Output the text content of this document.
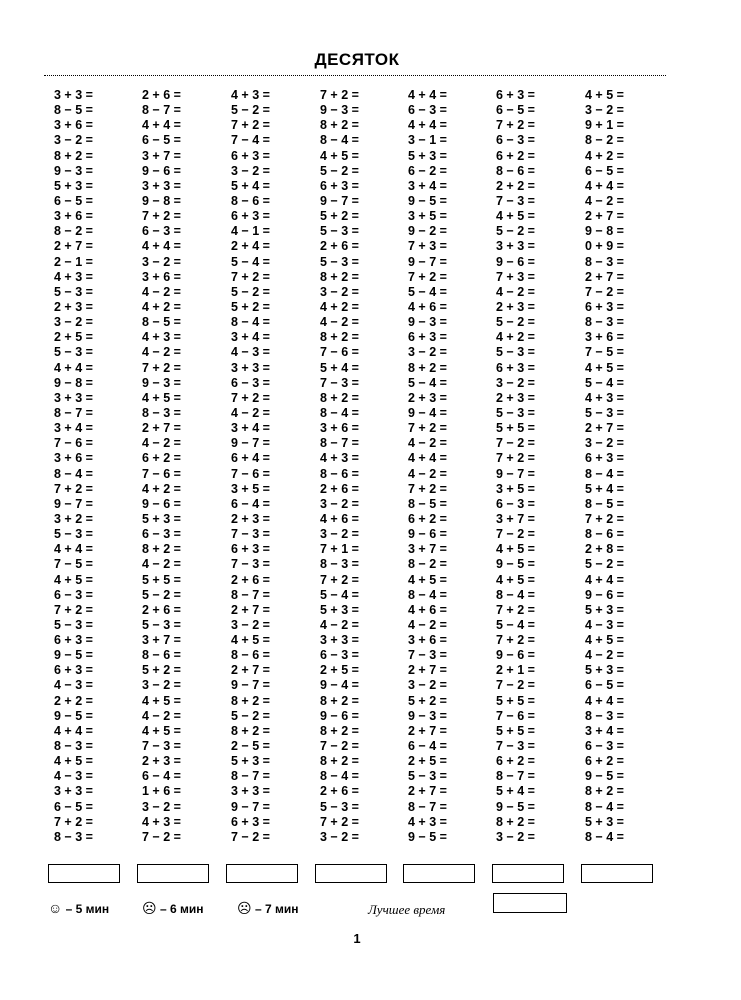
ДЕСЯТОК
3 + 3 =
8 − 5 =
3 + 6 =
3 − 2 =
8 + 2 =
9 − 3 =
5 + 3 =
6 − 5 =
3 + 6 =
8 − 2 =
2 + 7 =
2 − 1 =
4 + 3 =
5 − 3 =
2 + 3 =
3 − 2 =
2 + 5 =
5 − 3 =
4 + 4 =
9 − 8 =
3 + 3 =
8 − 7 =
3 + 4 =
7 − 6 =
3 + 6 =
8 − 4 =
7 + 2 =
9 − 7 =
3 + 2 =
5 − 3 =
4 + 4 =
7 − 5 =
4 + 5 =
6 − 3 =
7 + 2 =
5 − 3 =
6 + 3 =
9 − 5 =
6 + 3 =
4 − 3 =
2 + 2 =
9 − 5 =
4 + 4 =
8 − 3 =
4 + 5 =
4 − 3 =
3 + 3 =
6 − 5 =
7 + 2 =
8 − 3 =
2 + 6 =
8 − 7 =
4 + 4 =
6 − 5 =
3 + 7 =
9 − 6 =
3 + 3 =
9 − 8 =
7 + 2 =
6 − 3 =
4 + 4 =
3 − 2 =
3 + 6 =
4 − 2 =
4 + 2 =
8 − 5 =
4 + 3 =
4 − 2 =
7 + 2 =
9 − 3 =
4 + 5 =
8 − 3 =
2 + 7 =
4 − 2 =
6 + 2 =
7 − 6 =
4 + 2 =
9 − 6 =
5 + 3 =
6 − 3 =
8 + 2 =
4 − 2 =
5 + 5 =
5 − 2 =
2 + 6 =
5 − 3 =
3 + 7 =
8 − 6 =
5 + 2 =
3 − 2 =
4 + 5 =
4 − 2 =
4 + 5 =
7 − 3 =
2 + 3 =
6 − 4 =
1 + 6 =
3 − 2 =
4 + 3 =
7 − 2 =
4 + 3 =
5 − 2 =
7 + 2 =
7 − 4 =
6 + 3 =
3 − 2 =
5 + 4 =
8 − 6 =
6 + 3 =
4 − 1 =
2 + 4 =
5 − 4 =
7 + 2 =
5 − 2 =
5 + 2 =
8 − 4 =
3 + 4 =
4 − 3 =
3 + 3 =
6 − 3 =
7 + 2 =
4 − 2 =
3 + 4 =
9 − 7 =
6 + 4 =
7 − 6 =
3 + 5 =
6 − 4 =
2 + 3 =
7 − 3 =
6 + 3 =
7 − 3 =
2 + 6 =
8 − 7 =
2 + 7 =
3 − 2 =
4 + 5 =
8 − 6 =
2 + 7 =
9 − 7 =
8 + 2 =
5 − 2 =
8 + 2 =
2 − 5 =
5 + 3 =
8 − 7 =
3 + 3 =
9 − 7 =
6 + 3 =
7 − 2 =
7 + 2 =
9 − 3 =
8 + 2 =
8 − 4 =
4 + 5 =
5 − 2 =
6 + 3 =
9 − 7 =
5 + 2 =
5 − 3 =
2 + 6 =
5 − 3 =
8 + 2 =
3 − 2 =
4 + 2 =
4 − 2 =
8 + 2 =
7 − 6 =
5 + 4 =
7 − 3 =
8 + 2 =
8 − 4 =
3 + 6 =
8 − 7 =
4 + 3 =
8 − 6 =
2 + 6 =
3 − 2 =
4 + 6 =
3 − 2 =
7 + 1 =
8 − 3 =
7 + 2 =
5 − 4 =
5 + 3 =
4 − 2 =
3 + 3 =
6 − 3 =
2 + 5 =
9 − 4 =
8 + 2 =
9 − 6 =
8 + 2 =
7 − 2 =
8 + 2 =
8 − 4 =
2 + 6 =
5 − 3 =
7 + 2 =
3 − 2 =
4 + 4 =
6 − 3 =
4 + 4 =
3 − 1 =
5 + 3 =
6 − 2 =
3 + 4 =
9 − 5 =
3 + 5 =
9 − 2 =
7 + 3 =
9 − 7 =
7 + 2 =
5 − 4 =
4 + 6 =
9 − 3 =
6 + 3 =
3 − 2 =
8 + 2 =
5 − 4 =
2 + 3 =
9 − 4 =
7 + 2 =
4 − 2 =
4 + 4 =
4 − 2 =
7 + 2 =
8 − 5 =
6 + 2 =
9 − 6 =
3 + 7 =
8 − 2 =
4 + 5 =
8 − 4 =
4 + 6 =
4 − 2 =
3 + 6 =
7 − 3 =
2 + 7 =
3 − 2 =
5 + 2 =
9 − 3 =
2 + 7 =
6 − 4 =
2 + 5 =
5 − 3 =
2 + 7 =
8 − 7 =
4 + 3 =
9 − 5 =
6 + 3 =
6 − 5 =
7 + 2 =
6 − 3 =
6 + 2 =
8 − 6 =
2 + 2 =
7 − 3 =
4 + 5 =
5 − 2 =
3 + 3 =
9 − 6 =
7 + 3 =
4 − 2 =
2 + 3 =
5 − 2 =
4 + 2 =
5 − 3 =
6 + 3 =
3 − 2 =
2 + 3 =
5 − 3 =
5 + 5 =
7 − 2 =
7 + 2 =
9 − 7 =
3 + 5 =
6 − 3 =
3 + 7 =
7 − 2 =
4 + 5 =
9 − 5 =
4 + 5 =
8 − 4 =
7 + 2 =
5 − 4 =
7 + 2 =
9 − 6 =
2 + 1 =
7 − 2 =
5 + 5 =
7 − 6 =
5 + 5 =
7 − 3 =
6 + 2 =
8 − 7 =
5 + 4 =
9 − 5 =
8 + 2 =
3 − 2 =
4 + 5 =
3 − 2 =
9 + 1 =
8 − 2 =
4 + 2 =
6 − 5 =
4 + 4 =
4 − 2 =
2 + 7 =
9 − 8 =
0 + 9 =
8 − 3 =
2 + 7 =
7 − 2 =
6 + 3 =
8 − 3 =
3 + 6 =
7 − 5 =
4 + 5 =
5 − 4 =
4 + 3 =
5 − 3 =
2 + 7 =
3 − 2 =
6 + 3 =
8 − 4 =
5 + 4 =
8 − 5 =
7 + 2 =
8 − 6 =
2 + 8 =
5 − 2 =
4 + 4 =
9 − 6 =
5 + 3 =
4 − 3 =
4 + 5 =
4 − 2 =
5 + 3 =
6 − 5 =
4 + 4 =
8 − 3 =
3 + 4 =
6 − 3 =
6 + 2 =
9 − 5 =
8 + 2 =
8 − 4 =
5 + 3 =
8 − 4 =
☺ – 5 мин ☹ – 6 мин ☹ – 7 мин	Лучшее время
1
